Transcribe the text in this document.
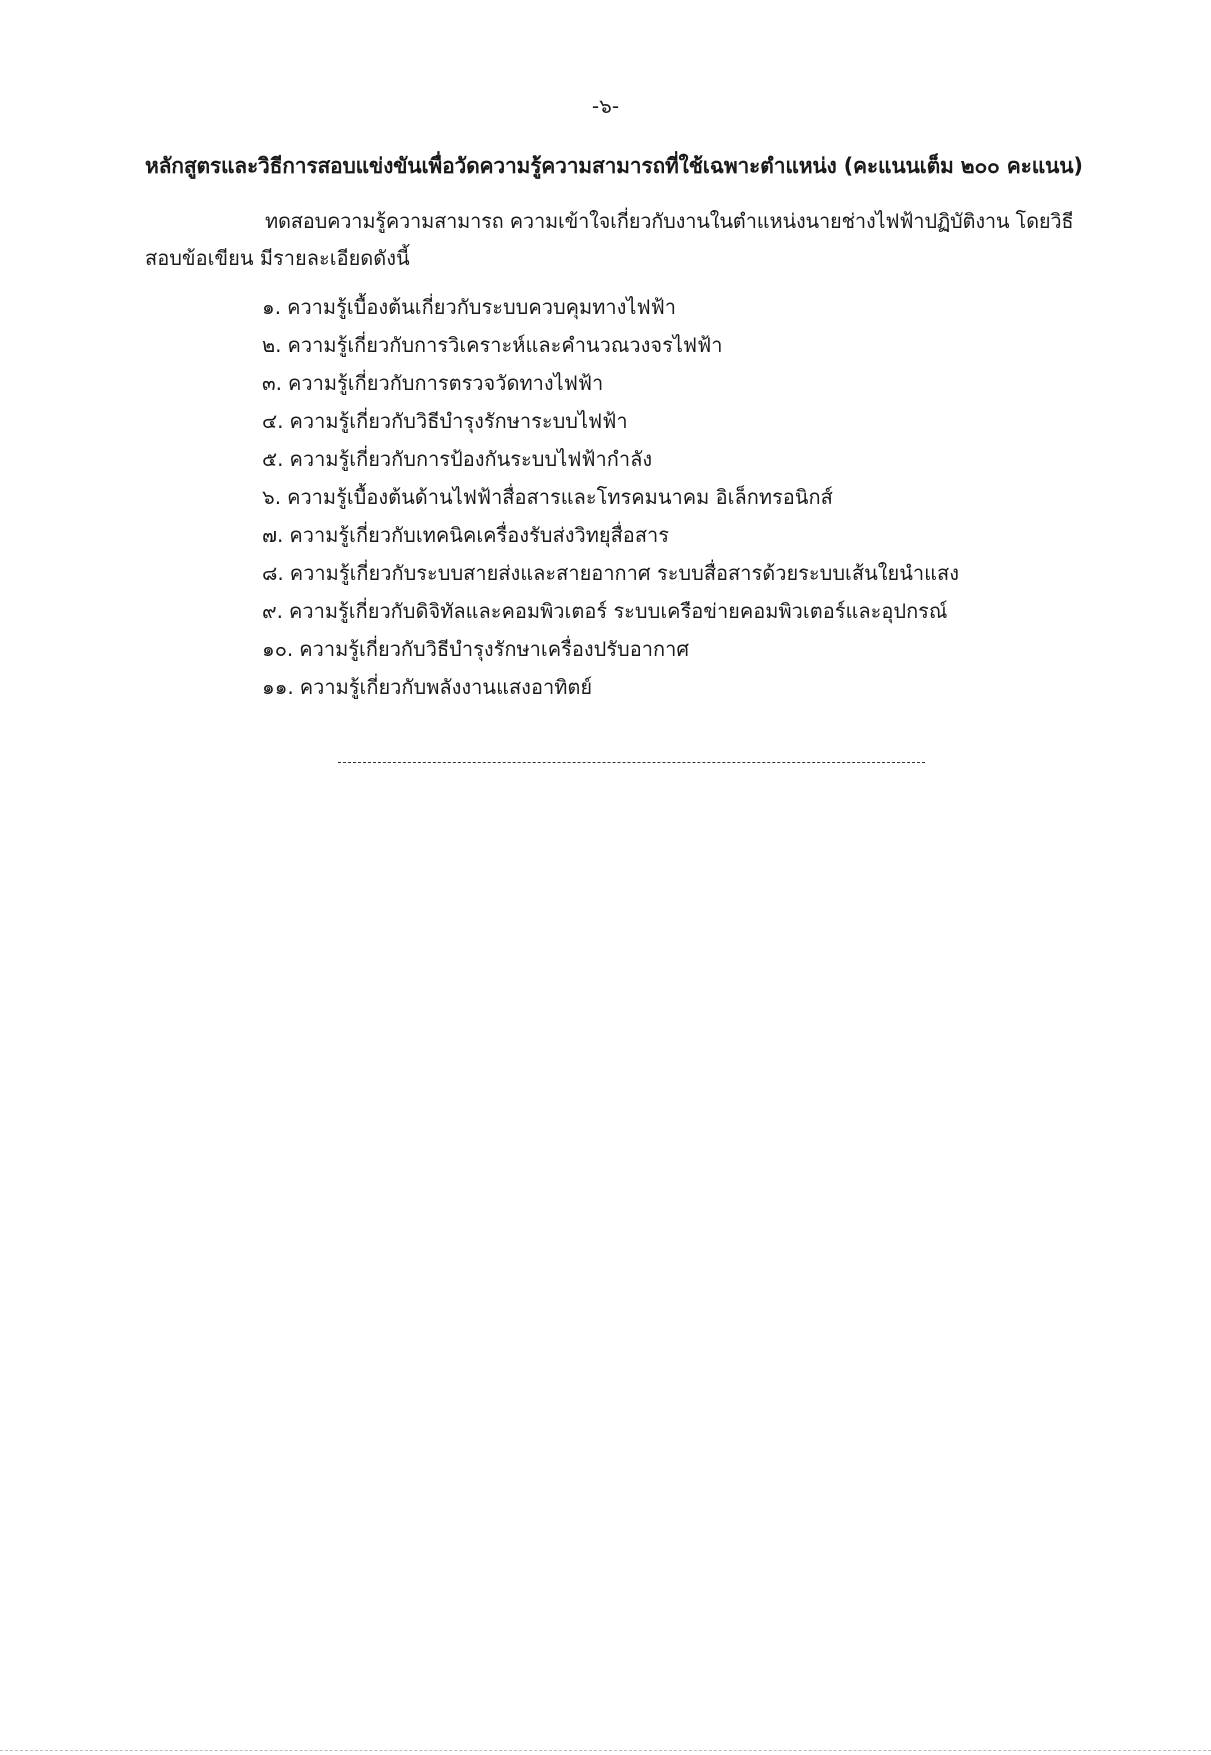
-๖-
หลักสูตรและวิธีการสอบแข่งขันเพื่อวัดความรู้ความสามารถที่ใช้เฉพาะตำแหน่ง (คะแนนเต็ม ๒๐๐ คะแนน)
ทดสอบความรู้ความสามารถ ความเข้าใจเกี่ยวกับงานในตำแหน่งนายช่างไฟฟ้าปฏิบัติงาน โดยวิธี
สอบข้อเขียน มีรายละเอียดดังนี้
๑. ความรู้เบื้องต้นเกี่ยวกับระบบควบคุมทางไฟฟ้า
๒. ความรู้เกี่ยวกับการวิเคราะห์และคำนวณวงจรไฟฟ้า
๓. ความรู้เกี่ยวกับการตรวจวัดทางไฟฟ้า
๔. ความรู้เกี่ยวกับวิธีบำรุงรักษาระบบไฟฟ้า
๕. ความรู้เกี่ยวกับการป้องกันระบบไฟฟ้ากำลัง
๖. ความรู้เบื้องต้นด้านไฟฟ้าสื่อสารและโทรคมนาคม อิเล็กทรอนิกส์
๗. ความรู้เกี่ยวกับเทคนิคเครื่องรับส่งวิทยุสื่อสาร
๘. ความรู้เกี่ยวกับระบบสายส่งและสายอากาศ ระบบสื่อสารด้วยระบบเส้นใยนำแสง
๙. ความรู้เกี่ยวกับดิจิทัลและคอมพิวเตอร์ ระบบเครือข่ายคอมพิวเตอร์และอุปกรณ์
๑๐. ความรู้เกี่ยวกับวิธีบำรุงรักษาเครื่องปรับอากาศ
๑๑. ความรู้เกี่ยวกับพลังงานแสงอาทิตย์
